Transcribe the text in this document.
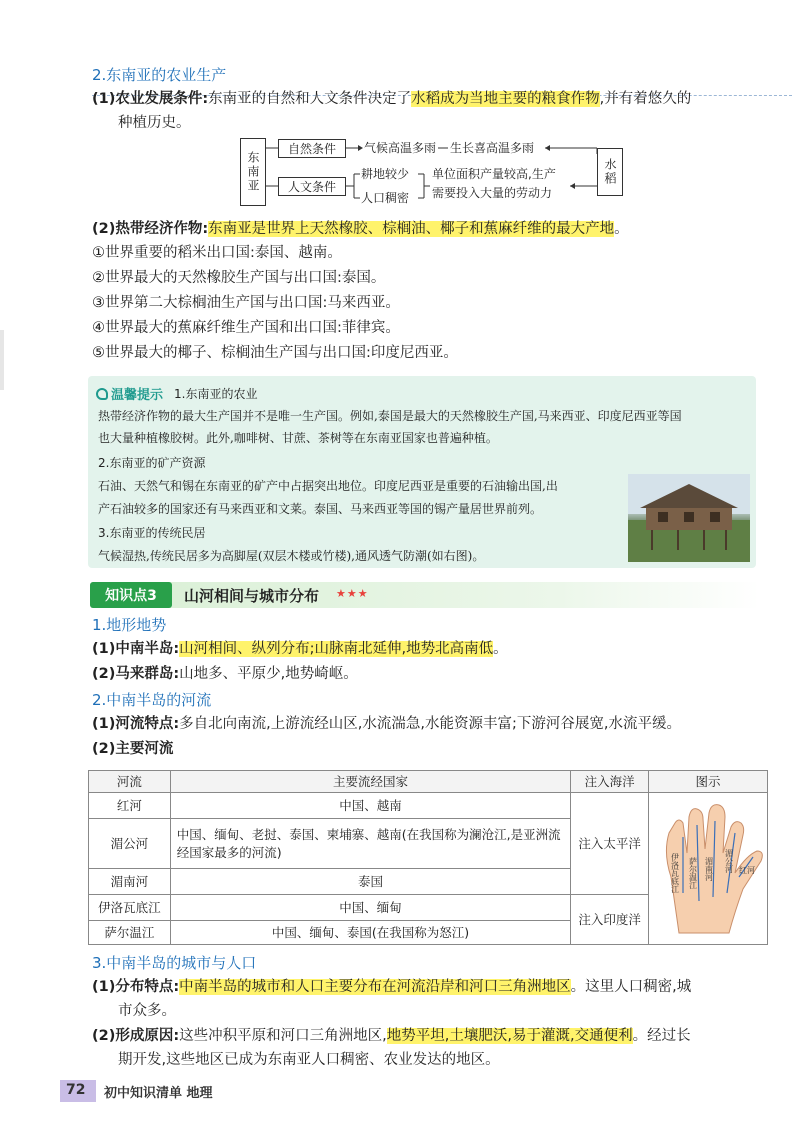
2.东南亚的农业生产
(1)农业发展条件:东南亚的自然和人文条件决定了水稻成为当地主要的粮食作物,并有着悠久的
种植历史。
东南亚
自然条件	气候高温多雨 生长喜高温多雨
水稻
人文条件
耕地较少
人口稠密
单位面积产量较高,生产
需要投入大量的劳动力
(2)热带经济作物:东南亚是世界上天然橡胶、棕榈油、椰子和蕉麻纤维的最大产地。
①世界重要的稻米出口国:泰国、越南。
②世界最大的天然橡胶生产国与出口国:泰国。
③世界第二大棕榈油生产国与出口国:马来西亚。
④世界最大的蕉麻纤维生产国和出口国:菲律宾。
⑤世界最大的椰子、棕榈油生产国与出口国:印度尼西亚。
温馨提示 1.东南亚的农业
热带经济作物的最大生产国并不是唯一生产国。例如,泰国是最大的天然橡胶生产国,马来西亚、印度尼西亚等国
也大量种植橡胶树。此外,咖啡树、甘蔗、茶树等在东南亚国家也普遍种植。
2.东南亚的矿产资源
石油、天然气和锡在东南亚的矿产中占据突出地位。印度尼西亚是重要的石油输出国,出
产石油较多的国家还有马来西亚和文莱。泰国、马来西亚等国的锡产量居世界前列。
3.东南亚的传统民居
气候湿热,传统民居多为高脚屋(双层木楼或竹楼),通风透气防潮(如右图)。
知识点3	山河相间与城市分布 ★★★
1.地形地势
(1)中南半岛:山河相间、纵列分布;山脉南北延伸,地势北高南低。
(2)马来群岛:山地多、平原少,地势崎岖。
2.中南半岛的河流
(1)河流特点:多自北向南流,上游流经山区,水流湍急,水能资源丰富;下游河谷展宽,水流平缓。
(2)主要河流
河流	主要流经国家	注入海洋	图示
红河	中国、越南	注入太平洋	伊洛瓦底江 萨尔温江 湄南河 湄公河 红河

湄公河	中国、缅甸、老挝、泰国、柬埔寨、越南(在我国称为澜沧江,是亚洲流
经国家最多的河流)		

湄南河	泰国		
伊洛瓦底江	中国、缅甸	注入印度洋	
萨尔温江	中国、缅甸、泰国(在我国称为怒江)		
3.中南半岛的城市与人口
(1)分布特点:中南半岛的城市和人口主要分布在河流沿岸和河口三角洲地区。这里人口稠密,城
市众多。
(2)形成原因:这些冲积平原和河口三角洲地区,地势平坦,土壤肥沃,易于灌溉,交通便利。经过长
期开发,这些地区已成为东南亚人口稠密、农业发达的地区。
72 初中知识清单 地理
